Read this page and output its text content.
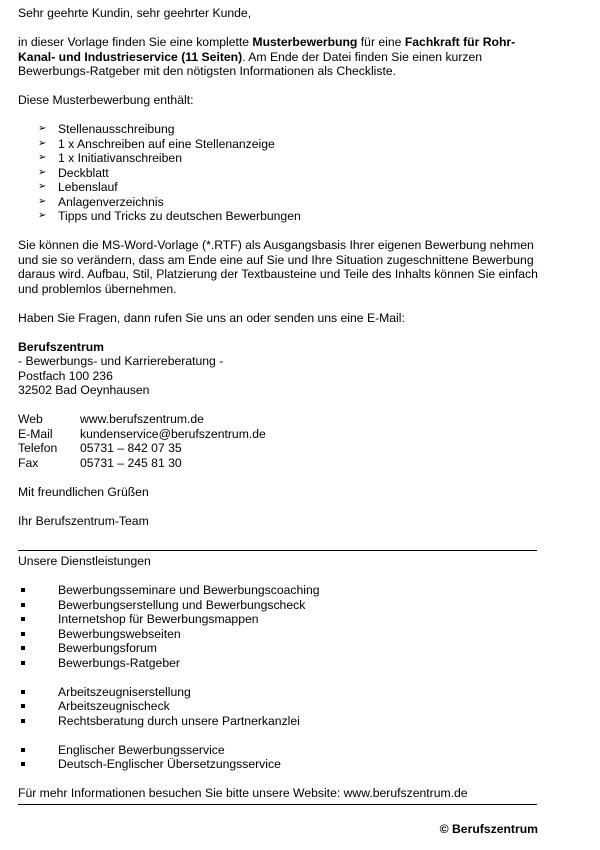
Sehr geehrte Kundin, sehr geehrter Kunde,

in dieser Vorlage finden Sie eine komplette Musterbewerbung für eine Fachkraft für Rohr-Kanal- und Industrieservice (11 Seiten). Am Ende der Datei finden Sie einen kurzen Bewerbungs-Ratgeber mit den nötigsten Informationen als Checkliste.

Diese Musterbewerbung enthält:

➢ Stellenausschreibung
➢ 1 x Anschreiben auf eine Stellenanzeige
➢ 1 x Initiativanschreiben
➢ Deckblatt
➢ Lebenslauf
➢ Anlagenverzeichnis
➢ Tipps und Tricks zu deutschen Bewerbungen

Sie können die MS-Word-Vorlage (*.RTF) als Ausgangsbasis Ihrer eigenen Bewerbung nehmen und sie so verändern, dass am Ende eine auf Sie und Ihre Situation zugeschnittene Bewerbung daraus wird. Aufbau, Stil, Platzierung der Textbausteine und Teile des Inhalts können Sie einfach und problemlos übernehmen.

Haben Sie Fragen, dann rufen Sie uns an oder senden uns eine E-Mail:

Berufszentrum

- Bewerbungs- und Karriereberatung -

Postfach 100 236

32502 Bad Oeynhausen

Web	www.berufszentrum.de
E-Mail	kundenservice@berufszentrum.de
Telefon	05731 – 842 07 35
Fax	05731 – 245 81 30

Mit freundlichen Grüßen

Ihr Berufszentrum-Team

Unsere Dienstleistungen

Bewerbungsseminare und Bewerbungscoaching
Bewerbungserstellung und Bewerbungscheck
Internetshop für Bewerbungsmappen
Bewerbungswebseiten
Bewerbungsforum
Bewerbungs-Ratgeber
Arbeitszeugniserstellung
Arbeitszeugnischeck
Rechtsberatung durch unsere Partnerkanzlei
Englischer Bewerbungsservice
Deutsch-Englischer Übersetzungsservice

Für mehr Informationen besuchen Sie bitte unsere Website: www.berufszentrum.de

© Berufszentrum
